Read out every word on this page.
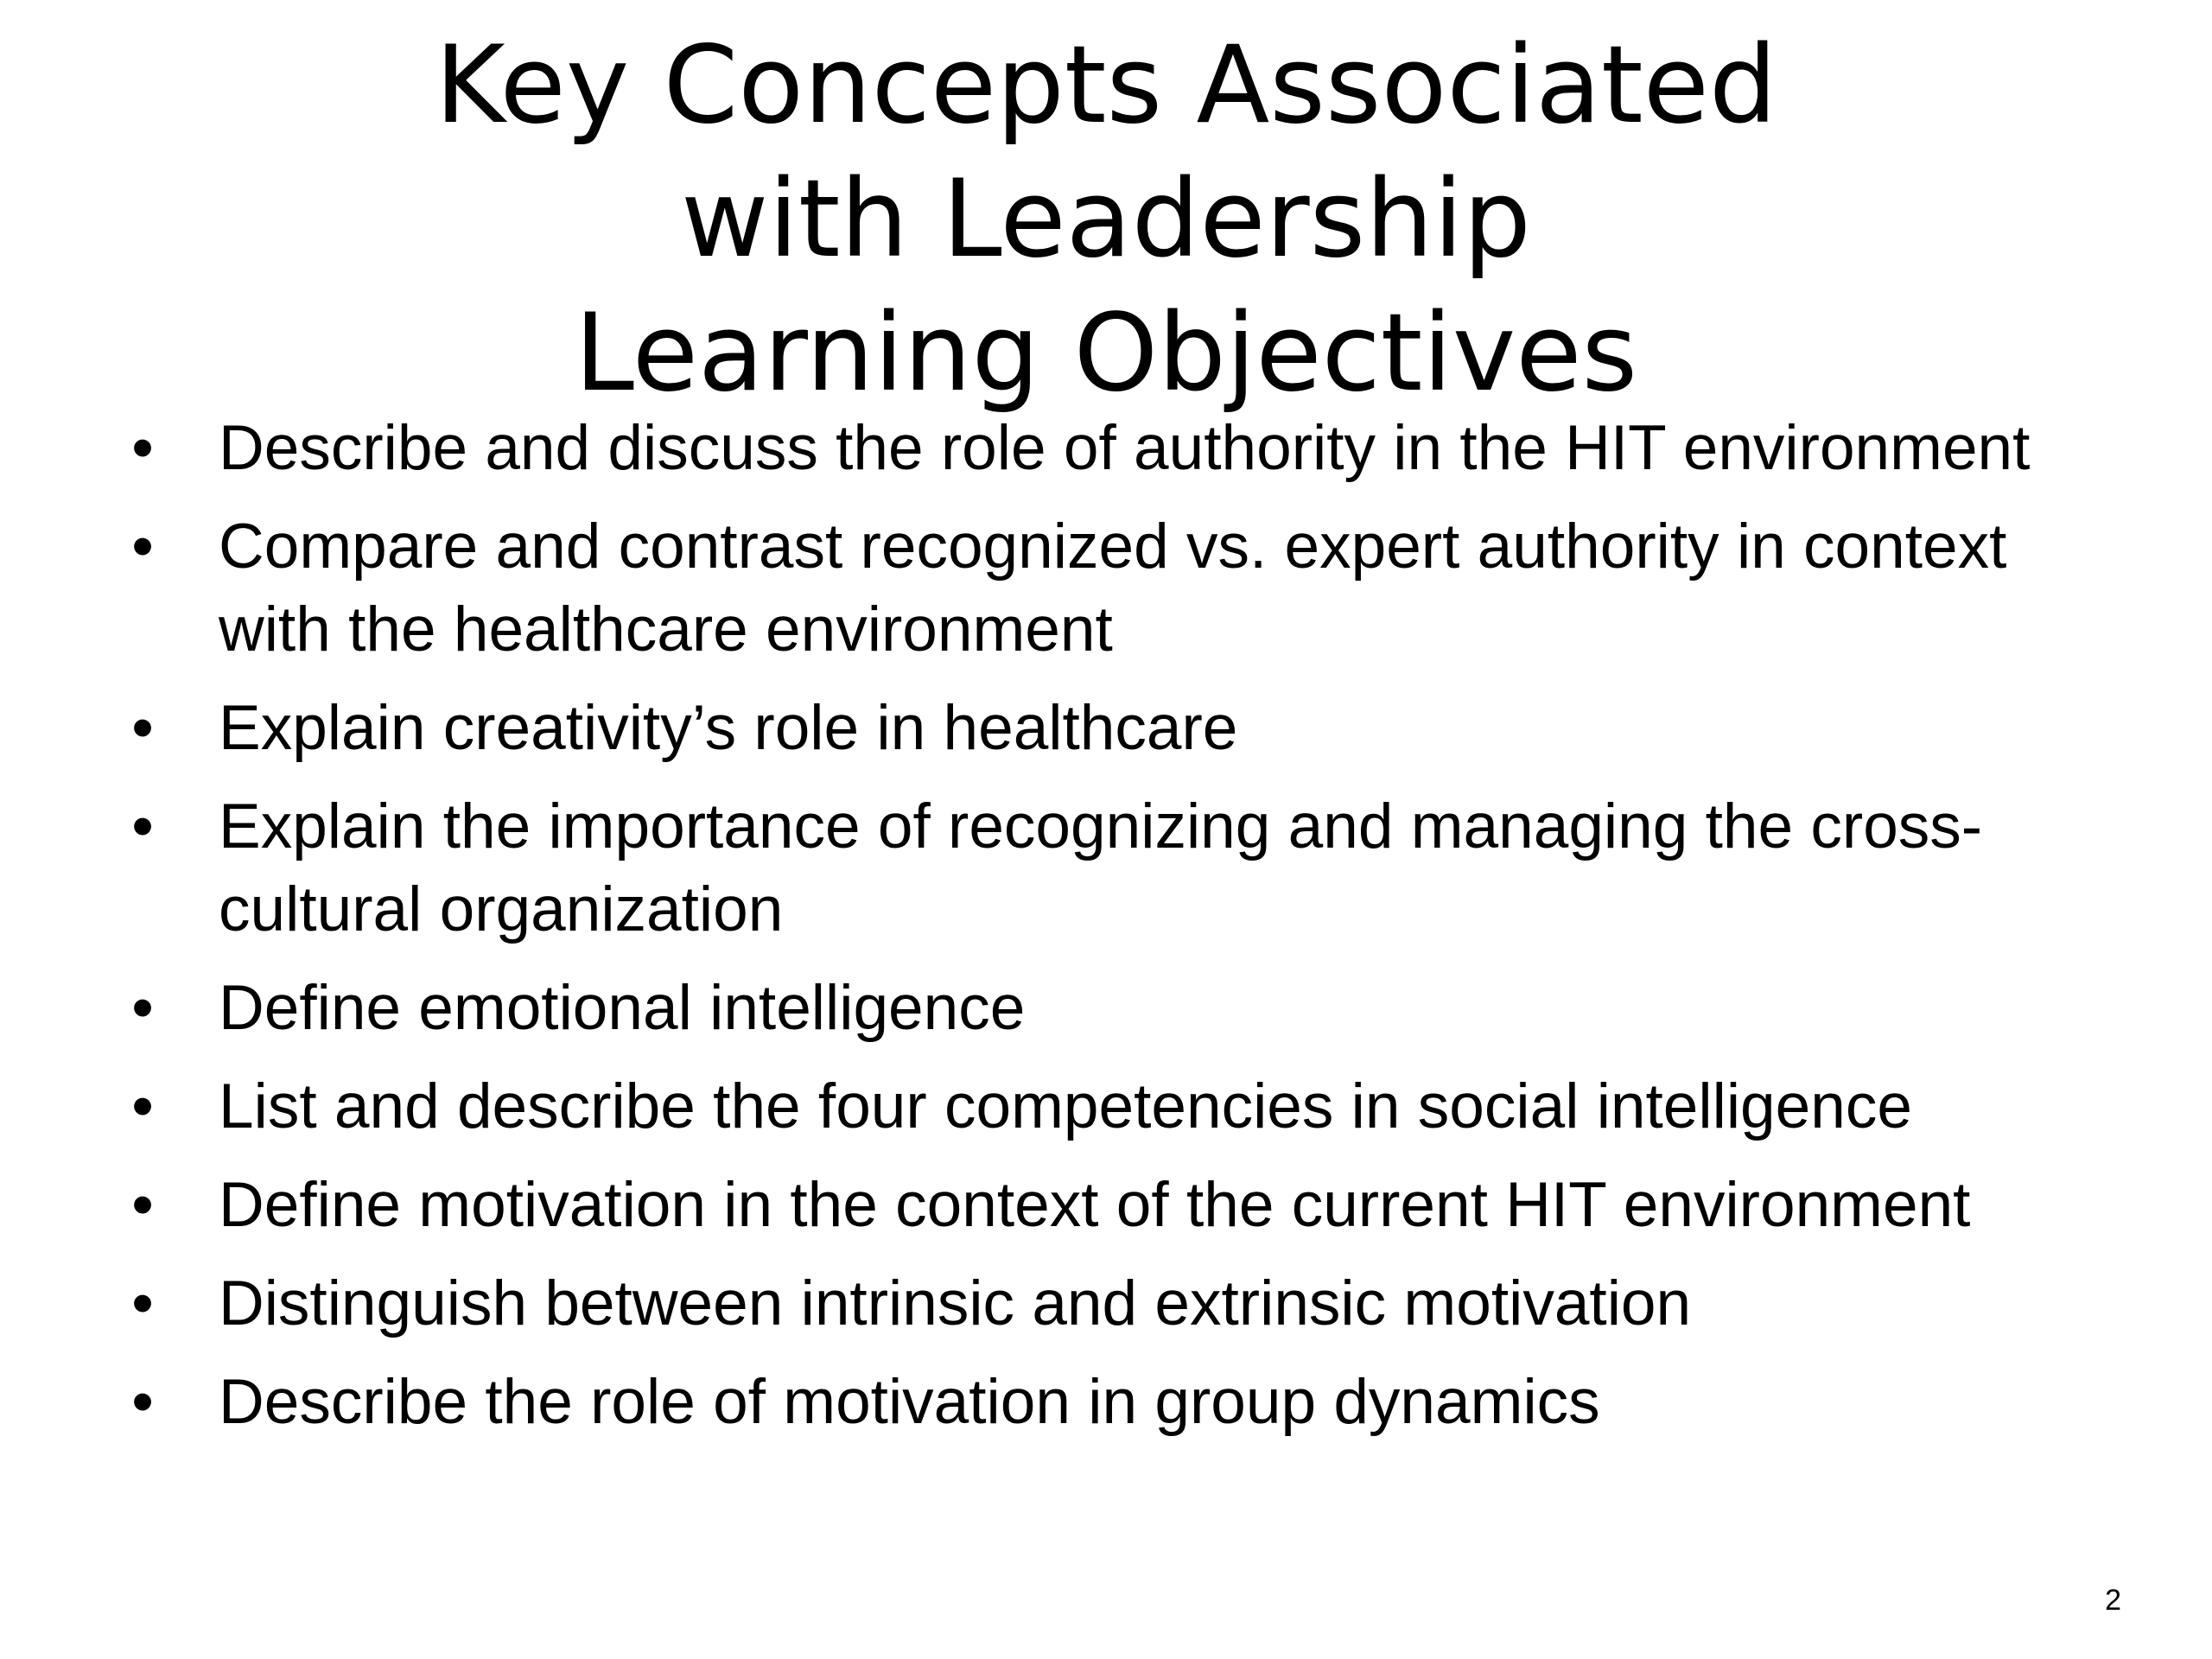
Key Concepts Associated
with Leadership
Learning Objectives
• Describe and discuss the role of authority in the HIT environment
• Compare and contrast recognized vs. expert authority in context with the healthcare environment
• Explain creativity’s role in healthcare
• Explain the importance of recognizing and managing the cross-cultural organization
• Define emotional intelligence
• List and describe the four competencies in social intelligence
• Define motivation in the context of the current HIT environment
• Distinguish between intrinsic and extrinsic motivation
• Describe the role of motivation in group dynamics
2
